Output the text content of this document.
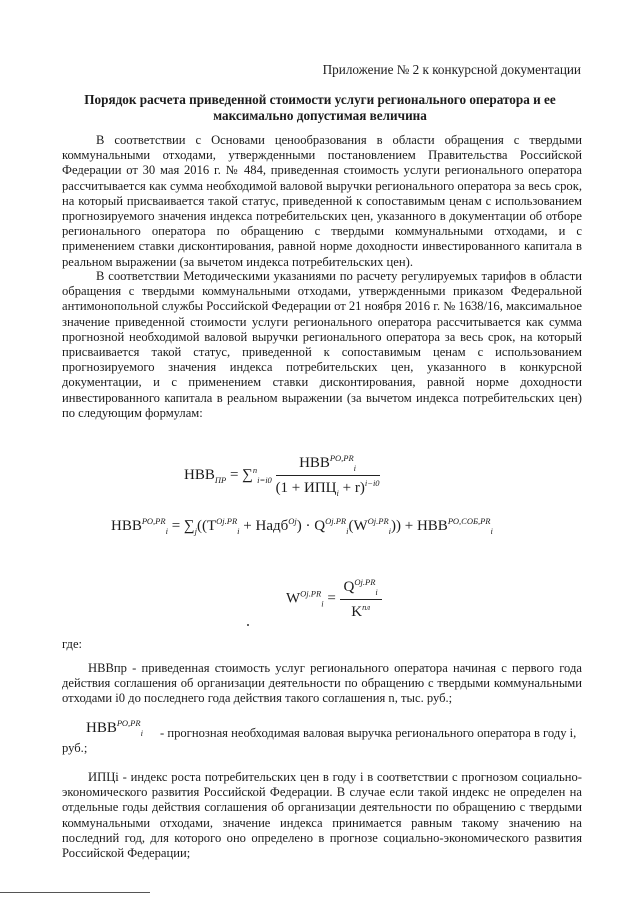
Приложение № 2 к конкурсной документации
Порядок расчета приведенной стоимости услуги регионального оператора и ее максимально допустимая величина
В соответствии с Основами ценообразования в области обращения с твердыми коммунальными отходами, утвержденными постановлением Правительства Российской Федерации от 30 мая 2016 г. № 484, приведенная стоимость услуги регионального оператора рассчитывается как сумма необходимой валовой выручки регионального оператора за весь срок, на который присваивается такой статус, приведенной к сопоставимым ценам с использованием прогнозируемого значения индекса потребительских цен, указанного в документации об отборе регионального оператора по обращению с твердыми коммунальными отходами, и с применением ставки дисконтирования, равной норме доходности инвестированного капитала в реальном выражении (за вычетом индекса потребительских цен).
В соответствии Методическими указаниями по расчету регулируемых тарифов в области обращения с твердыми коммунальными отходами, утвержденными приказом Федеральной антимонопольной службы Российской Федерации от 21 ноября 2016 г. № 1638/16, максимальное значение приведенной стоимости услуги регионального оператора рассчитывается как сумма прогнозной необходимой валовой выручки регионального оператора за весь срок, на который присваивается такой статус, приведенной к сопоставимым ценам с использованием прогнозируемого значения индекса потребительских цен, указанного в конкурсной документации, и с применением ставки дисконтирования, равной норме доходности инвестированного капитала в реальном выражении (за вычетом индекса потребительских цен) по следующим формулам:
$НВВ_{ПР} = \sum^n_{i=i0} \frac{НВВ^{РО,PR}_i}{(1 + ИПЦ_i + r)^{i-i0}}$
$НВВ^{РО,PR}_i = \sum_j((T^{Oj.PR}_i$ + Надб$^{Oj}$) · $Q^{Oj.PR}_i(W^{Oj.PR}_i)) + НВВ^{РО,СОБ,PR}_i$
$W^{Oj.PR}_i = \frac{Q^{Oj.PR}_i}{K^{пл}}$
где:
НВВпр - приведенная стоимость услуг регионального оператора начиная с первого года действия соглашения об организации деятельности по обращению с твердыми коммунальными отходами i0 до последнего года действия такого соглашения n, тыс. руб.;
$НВВ^{РО,PR}_i$ - прогнозная необходимая валовая выручка регионального оператора в году i,
руб.;
ИПЦi - индекс роста потребительских цен в году i в соответствии с прогнозом социально-экономического развития Российской Федерации. В случае если такой индекс не определен на отдельные годы действия соглашения об организации деятельности по обращению с твердыми коммунальными отходами, значение индекса принимается равным такому значению на последний год, для которого оно определено в прогнозе социально-экономического развития Российской Федерации;
